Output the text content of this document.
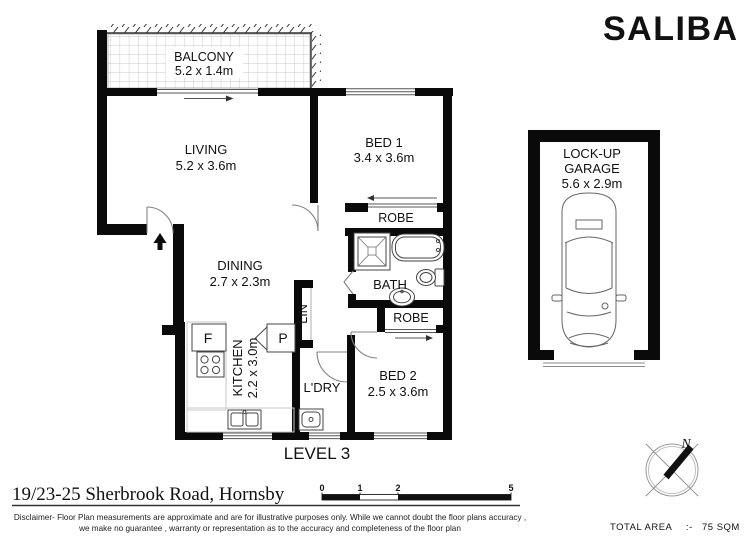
N
BALCONY
5.2 x 1.4m
LIVING
5.2 x 3.6m
BED 1
3.4 x 3.6m
ROBE
BATH
ROBE
DINING
2.7 x 2.3m
KITCHEN 2.2 x 3.0m
LIN
L'DRY
BED 2
2.5 x 3.6m
F	P
LOCK-UP
GARAGE
5.6 x 2.9m
LEVEL 3
SALIBA
0	1	2	5
19/23-25 Sherbrook Road, Hornsby
Disclaimer- Floor Plan measurements are approximate and are for illustrative purposes only. While we cannot doubt the floor plans accuracy ,
we make no guarantee , warranty or representation as to the accuracy and completeness of the floor plan	TOTAL AREA :- 75 SQM
